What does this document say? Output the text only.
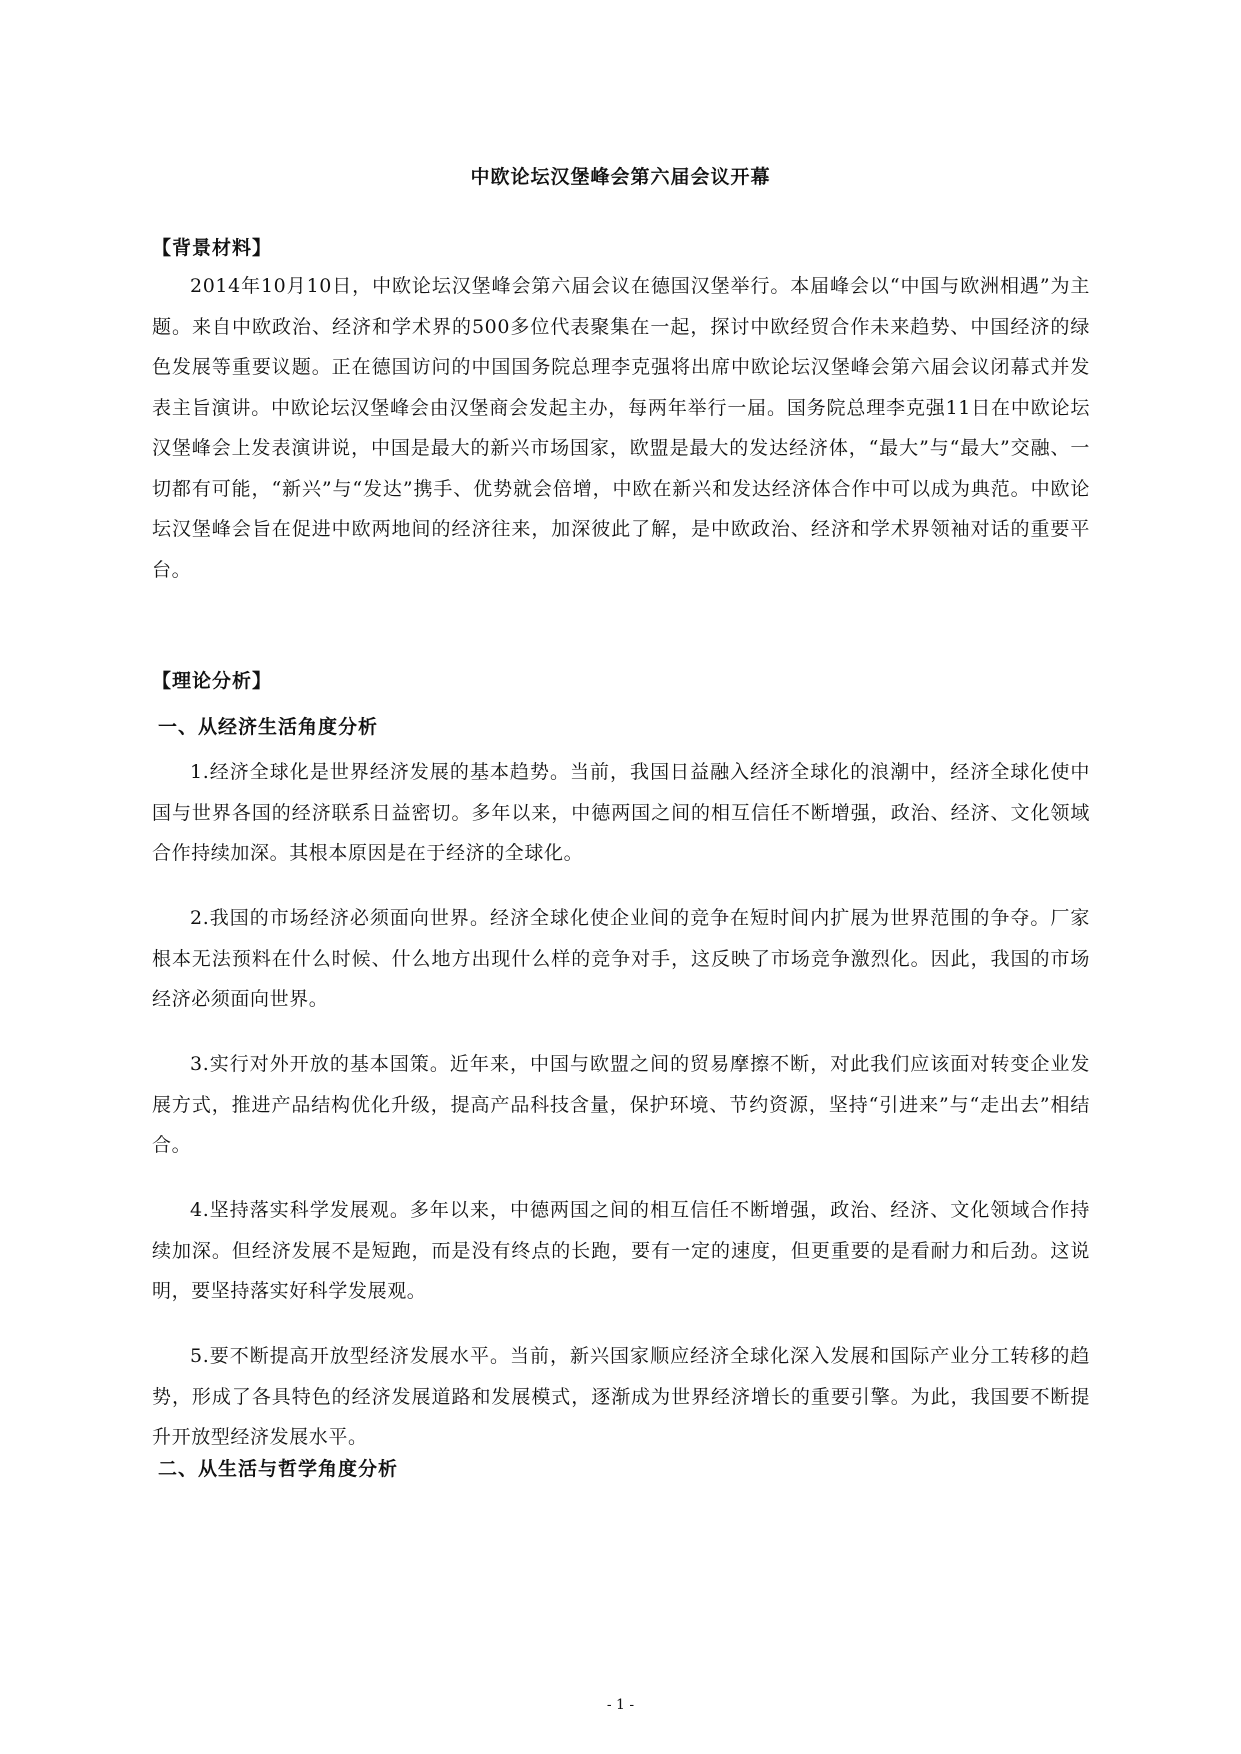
中欧论坛汉堡峰会第六届会议开幕
【背景材料】

2014年10月10日，中欧论坛汉堡峰会第六届会议在德国汉堡举行。本届峰会以“中国与欧洲相遇”为主题。来自中欧政治、经济和学术界的500多位代表聚集在一起，探讨中欧经贸合作未来趋势、中国经济的绿色发展等重要议题。正在德国访问的中国国务院总理李克强将出席中欧论坛汉堡峰会第六届会议闭幕式并发表主旨演讲。中欧论坛汉堡峰会由汉堡商会发起主办，每两年举行一届。国务院总理李克强11日在中欧论坛汉堡峰会上发表演讲说，中国是最大的新兴市场国家，欧盟是最大的发达经济体，“最大”与“最大”交融、一切都有可能，“新兴”与“发达”携手、优势就会倍增，中欧在新兴和发达经济体合作中可以成为典范。中欧论坛汉堡峰会旨在促进中欧两地间的经济往来，加深彼此了解，是中欧政治、经济和学术界领袖对话的重要平台。

【理论分析】
一、从经济生活角度分析

1.经济全球化是世界经济发展的基本趋势。当前，我国日益融入经济全球化的浪潮中，经济全球化使中国与世界各国的经济联系日益密切。多年以来，中德两国之间的相互信任不断增强，政治、经济、文化领域合作持续加深。其根本原因是在于经济的全球化。

2.我国的市场经济必须面向世界。经济全球化使企业间的竞争在短时间内扩展为世界范围的争夺。厂家根本无法预料在什么时候、什么地方出现什么样的竞争对手，这反映了市场竞争激烈化。因此，我国的市场经济必须面向世界。

3.实行对外开放的基本国策。近年来，中国与欧盟之间的贸易摩擦不断，对此我们应该面对转变企业发展方式，推进产品结构优化升级，提高产品科技含量，保护环境、节约资源，坚持“引进来”与“走出去”相结合。

4.坚持落实科学发展观。多年以来，中德两国之间的相互信任不断增强，政治、经济、文化领域合作持续加深。但经济发展不是短跑，而是没有终点的长跑，要有一定的速度，但更重要的是看耐力和后劲。这说明，要坚持落实好科学发展观。

5.要不断提高开放型经济发展水平。当前，新兴国家顺应经济全球化深入发展和国际产业分工转移的趋势，形成了各具特色的经济发展道路和发展模式，逐渐成为世界经济增长的重要引擎。为此，我国要不断提升开放型经济发展水平。

二、从生活与哲学角度分析
- 1 -
